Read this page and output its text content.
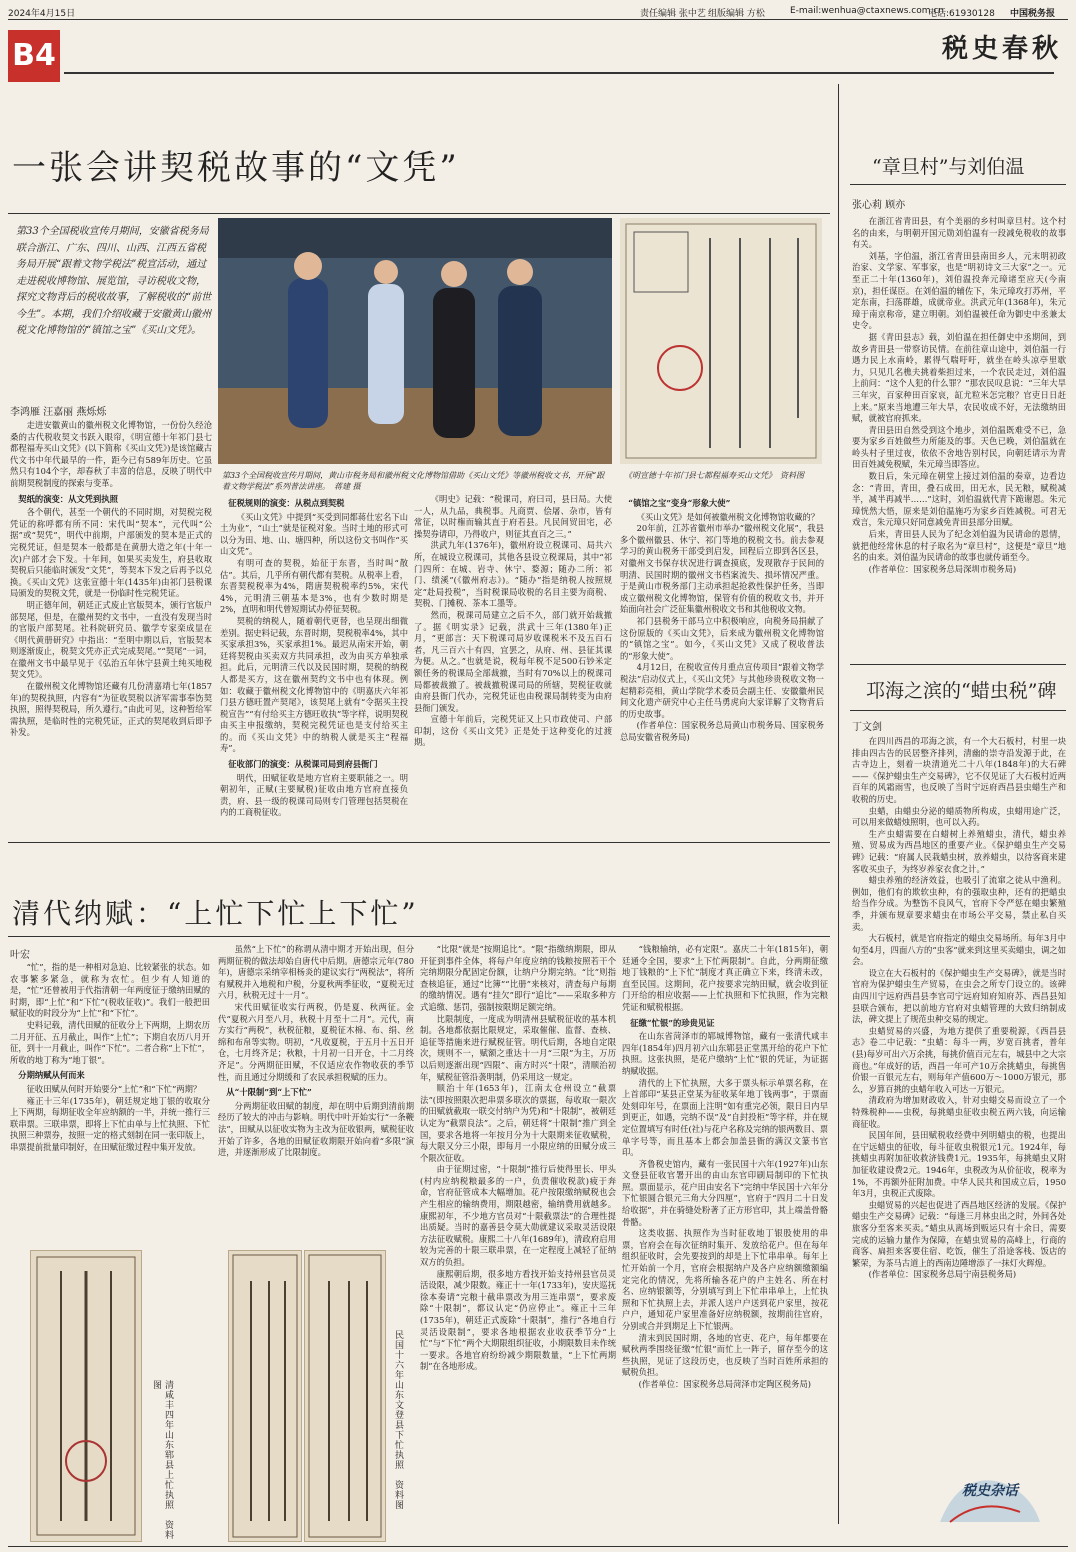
2024年4月15日	责任编辑 张中艺 组版编辑 方松	E-mail:wenhua@ctaxnews.com.cn
电话:61930128 中国税务报
B4	税史春秋
一张会讲契税故事的“文凭”
第33个全国税收宣传月期间，安徽省税务局联合浙江、广东、四川、山西、江西五省税务局开展“跟着文物学税法”税宣活动，通过走进税收博物馆、展览馆，寻访税收文物，探究文物背后的税收故事，了解税收的“前世今生”。本期，我们介绍收藏于安徽黄山徽州税文化博物馆的“镇馆之宝”《买山文凭》。
李鸿雁 汪嘉丽 燕烁烁
第33个全国税收宣传月期间，黄山市税务局和徽州税文化博物馆借助《买山文凭》等徽州税收文书，开展“跟着文物学税法”系列普法讲座。　 蒋建 摄
《明宣德十年祁门县七都程福寿买山文凭》　 资料图

走进安徽黄山的徽州税文化博物馆，一份份久经沧桑的古代税收契文书跃入眼帘，《明宣德十年祁门县七都程福寿买山文凭》(以下简称《买山文凭》)是该馆藏古代文书中年代最早的一件，距今已有589年历史。它虽然只有104个字，却春秋了丰富的信息，反映了明代中前期契税制度的探索与变革。

契纸的演变：从文凭到执照

各个朝代，甚至一个朝代的不同时期，对契税完税凭证的称呼都有所不同：宋代叫“契本”，元代叫“公据”或“契凭”，明代中前期，户部颁发的契本是正式的完税凭证，但是契本一般都是在黄册大造之年(十年一次)户部才会下发。十年间，如果买卖发生，府县收取契税后只能临时颁发“文凭”，等契本下发之后再予以兑换。《买山文凭》这张宣德十年(1435年)由祁门县税课局颁发的契税文凭，就是一份临时性完税凭证。

明正德年间，朝廷正式废止官版契本，颁行官版户部契尾，但是，在徽州契约文书中，一直没有发现当时的官版户部契尾。社科院研究员、徽学专家栾成显在《明代黄册研究》中指出：“至明中期以后，官版契本则逐渐废止，税契文凭亦正式完成契尾。”“契尾”一词，在徽州文书中最早见于《弘治五年休宁县黄土纯买地税契文凭》。

在徽州税文化博物馆还藏有几份清嘉靖七年(1857年)的契税执照，内容有“为征收契税以济军需事奉饬契执照，照得契税局，所久遵行。”由此可见，这种暂给军需执照，是临时性的完税凭证，正式的契尾收到后即予补发。

征税规则的演变：从税点到契税

《买山文凭》中提到“买受到同都蒋仕宏名下山土为业”，“山土”就是征税对象。当时土地的形式可以分为田、地、山、塘四种，所以这份文书叫作“买山文凭”。

有明可查的契税，始征于东晋，当时叫“散估”。其后，几乎所有朝代都有契税。从税率上看，东晋契税税率为4%，隋唐契税税率约5%，宋代4%，元明清三朝基本是3%，也有少数时期是2%，直明和明代曾短期试办停征契税。

契税的纳税人，随着朝代更替，也呈现出细微差别。据史料记载，东晋时期，契税税率4%，其中买家承担3%，买家承担1%。最迟从南宋开始，朝廷将契税由买卖双方共同承担，改为由买方单独承担。此后，元明清三代以及民国时期，契税的纳税人都是买方，这在徽州契约文书中也有体现。例如：收藏于徽州税文化博物馆中的《明嘉庆六年祁门县方德旺置产契尾》，该契尾上就有“令据买主投税宣告”“有付给买主方德旺收执”等字样，说明契税由买主申报缴纳，契税完税凭证也是支付给买主的。而《买山文凭》中的纳税人就是买主“程福寿”。

征收部门的演变：从税课司局到府县衙门

明代，田赋征收是地方官府主要职能之一。明朝初年，正赋(主要赋税)征收由地方官府直接负责，府、县一级的税课司局则专门管理包括契税在内的工商税征收。

《明史》记载：“税课司，府曰司，县曰局。大使一人，从九品，典税事。凡商贾、侩屠、杂市，皆有常征，以时権而输其直于府若县。凡民间贸田宅，必操契券请印，乃得收户，则征其直百之三。”

洪武九年(1376年)，徽州府设立税课司、局共六所，在城设立税课司，其他各县设立税课局，其中“祁门四所：在城、岩寺、休宁、婺源；随办二所：祁门、绩溪”(《徽州府志》)。“随办”指是纳税人按照规定“赴局投税”，当时税课局收税的名目主要为商税、契税、门摊税、茶本工墨等。

然而，税课司局建立之后不久，部门就开始裁撤了。据《明实录》记载，洪武十三年(1380年)正月，“更部言：天下税课司局岁收课税米不及五百石者，凡三百六十有四，宜罢之，从府、州、县征其课为便。从之。”也就是说，税每年税不足500石钞米定额任务的税课局全部裁撤，当时有70%以上的税课司局都被裁撤了。被裁撤税课司局的所辖，契税征收就由府县衙门代办，完税凭证也由税课局制转变为由府县衙门颁发。

宣德十年前后，完税凭证又上只市政使司、户部印制，这份《买山文凭》正是处于这种变化的过渡期。

“镇馆之宝”变身“形象大使”

《买山文凭》是如何被徽州税文化博物馆收藏的？

20年前，江苏省徽州市举办“徽州税文化展”，我县多个徽州徽县、休宁、祁门等地的税税文书。前去参观学习的黄山税务干部受到启发，回程后立即到各区县，对徽州文书保存状况进行调查摸底，发现散存于民间的明清、民国时期的徽州文书档案流失、损坏情况严重。于是黄山市税务部门主动承担起抢救性保护任务，当即成立徽州税文化博物馆，保管有价值的税收文书，并开始面向社会广泛征集徽州税收文书和其他税收文物。

祁门县税务干部马立中积极响应，向税务局捐献了这份原版的《买山文凭》，后来成为徽州税文化博物馆的“镇馆之宝”。如今，《买山文凭》又成了税收普法的“形象大使”。

4月12日，在税收宣传月重点宣传项目“跟着文物学税法”启动仪式上，《买山文凭》与其他珍贵税收文物一起精彩亮相，黄山学院学术委员会副主任、安徽徽州民间文化遗产研究中心主任马勇虎向大家详解了文物背后的历史故事。

(作者单位：国家税务总局黄山市税务局、国家税务总局安徽省税务局)

清代纳赋：“上忙下忙上下忙”
叶宏

“忙”，指的是一种相对急迫、比较紧张的状态。如农事繁多紧急，就称为农忙。但少有人知道的是，“忙”还曾被用于代指清朝一年两度征于缴纳田赋的时期，即“上忙”和“下忙”(税收征收)”。我们一般把田赋征收的时段分为“上忙”和“下忙”。

史料记载，清代田赋的征收分上下两期，上期农历二月开征、五月截止，叫作“上忙”；下期自农历八月开征，到十一月截止，叫作“下忙”。二者合称“上下忙”，所收的地丁称为“地丁银”。

分期纳赋从何而来

征收田赋从何时开始要分“上忙”和“下忙”两期？

雍正十三年(1735年)，朝廷规定地丁银的收取分上下两期，每期征收全年应纳额的一半，并统一推行三联串票。三联串票，即将上下忙由单与上忙执照、下忙执照三种票券，按照一定的格式刻制在同一张印版上，串票提前批量印制好，在田赋征缴过程中集开发放。

虽然“上下忙”的称谓从清中期才开始出现，但分两期征税的做法却始自唐代中后期。唐德宗元年(780年)，唐德宗采纳宰相杨炎的建议实行“两税法”，将所有赋税并入地税和户税，分夏秋两季征收，“夏税无过六月，秋税无过十一月”。

宋代田赋征收实行两税，仍是夏、秋两征。金代“夏税六月至八月，秋税十月至十二月”。元代，南方实行“两税”，秋税征粮，夏税征木棉、布、绢、丝绵和布帛等实物。明初，“凡收夏税，于五月十五日开仓，七月终齐足；秋粮，十月初一日开仓，十二月终齐足”。分两期征田赋，不仅适应农作物收获的季节性，而且通过分期缓和了农民承担税赋的压力。

从“十限制”到“上下忙”

分两期征收田赋的制度，却在明中后期到清前期经历了较大的冲击与影响。明代中叶开始实行“一条鞭法”，田赋从以征收实物为主改为征收银两，赋税征收开始了许多，各地的田赋征收期限开始向着“多限”演进，并逐渐形成了比限制度。

“比限”就是“按期追比”。“限”指缴纳期限，即从开征到事件全体，将每户年度应纳的钱粮按照若干个完纳期限分配固定份额，让纳户分期完纳。“比”则指查核追征，通过“比簿”“比册”来核对，清查每户每期的缴纳情况。遇有“挂欠”即行“追比”——采取多种方式追缴、惩罚，强制按限期足额完纳。

比限制度，一度成为明清州县赋税征收的基本机制。各地都依据比限规定，采取催催、监督、查核、追征等措施来进行赋税征管。明代后期，各地自定限次，规则不一，赋额之重达十一月“三限”为主，万历以后则逐渐出现“四限”、南方时兴“十限”，清顺治初年，赋税征管沿袭明制，仍采用这一规定。

顺治十年(1653年)，江南太仓州设立“截票法”(即按照限次把串票多联次的票据，每收取一限次的田赋就截取一联交付纳户为凭)和“十限制”，被朝廷认定为“截票良法”。之后，朝廷将“十限制”推广到全国，要求各地将一年按月分为十大限期来征收赋税，每大限又分三小限，即每月一小限应纳的田赋分成三个限次征收。

由于征期过密，“十限制”推行后使得里长、甲头(村内应纳税粮最多的一户，负责催收税款)疲于奔命，官府征管成本大幅增加。花户按限缴纳赋税也会产生相应的输纳费用，期限越密，输纳费用就越多。康熙初年，不少地方官员对“十限截票法”的合理性提出质疑。当时的嘉善县令莫大勋就建议采取灵活设限方法征收赋税。康熙二十八年(1689年)，清政府启用较为完善的十限三联串票，在一定程度上减轻了征纳双方的负担。

康熙朝后期，很多地方看找开始支持州县官员灵活设限，减少限数。雍正十一年(1733年)，安庆巡抚徐本奏请“完粮十截串票改为用三连串票”，要求废除“十限制”，都议认定“仍应停止”。雍正十三年(1735年)，朝廷正式废除“十限制”，推行“各地自行灵活设限制”，要求各地根据农业收获季节分“上忙”与“下忙”两个大期限组织征收，小期限数目未作统一要求。各地官府纷纷减少期限数量，“上下忙两期制”在各地形成。

“钱粮输纳，必有定限”。嘉庆二十年(1815年)，朝廷通令全国，要求“上下忙两限制”。自此，分两期征缴地丁钱粮的“上下忙”制度才真正确立下来，终清未改，直至民国。这期间，花户按要求完纳田赋，就会收到征门开给的相应收据——上忙执照和下忙执照，作为完粮凭证和赋税根据。

征缴“忙银”的珍贵见证

在山东省菏泽市的郓城博物馆，藏有一张清代咸丰四年(1854年)四月初六山东郓县正堂黑开给的花户下忙执照。这张执照，是花户缴纳“上忙”银的凭证，为证据纳赋收据。

清代的上下忙执照，大多于票头标示单票名称，在上首部印“某县正堂某为征收某年地丁钱两事”，于票面处刻印年号，在票面上注明“如有重完必领，限日日内早到更正，如遇，完纳不误”及“自封投柜”等字样，并在规定位置填写有时任(社)与花户名称及完纳的银两数目、票单字号等，而且基本上都会加盖县衙的满汉文篆书官印。

齐鲁税史馆内，藏有一张民国十六年(1927年)山东文登县征收官署开出的由山东官印刷局制印的下忙执照。票面显示，花户田由安名下“完纳中华民国十六年分下忙银圆合银元三角大分四厘”，官府于“四月二十日发给收据”，并在骑缝处粉著了正方形官印，其上端盖骨骼骨骼。

这类收据、执照作为当时征收地丁银股使用的串票，官府会在每次征纳时集开、发放给花户。但在每年组织征收时，会先要按到的却是上下忙串串单。每年上忙开始前一个月，官府会根据纳户及各户应纳额缴额编定完化的情况，先将所输各花户的户主姓名、所在村名、应纳银额等，分别填写到上下忙串串单上，上忙执照和下忙执照上去，并派人送户户送到花户家里，按花户户，通知花户家里准备好应纳税额，按期前往官府，分别或合并到期足上下忙银两。

清末到民国时期，各地的官吏、花户，每年都要在赋秋两季围绕征缴“忙银”而忙上一阵子，留存至今的这些执照，见证了这段历史，也反映了当时百姓所承担的赋税负担。

(作者单位：国家税务总局菏泽市定陶区税务局)

清咸丰四年山东郓县上忙执照　资料图	民国十六年山东文登县下忙执照　资料图
“章旦村”与刘伯温
张心莉 顾亦

在浙江省青田县，有个美丽的乡村叫章旦村。这个村名的由来，与明朝开国元勋刘伯温有一段减免税收的故事有关。

刘基，字伯温，浙江省青田县南田乡人，元末明初政治家、文学家、军事家，也是“明初诗文三大家”之一。元至正二十年(1360年)，刘伯温投奔元璋诸至应天(今南京)，担任谋臣。在刘伯温的辅佐下，朱元璋攻打苏州，平定东南，扫荡群雄，成就帝业。洪武元年(1368年)，朱元璋于南京称帝，建立明朝。刘伯温被任命为御史中丞兼太史令。

据《青田县志》载，刘伯温在担任御史中丞期间，到故乡青田县一带察访民情。在前往章山途中，刘伯温一行遇力民上水南岭，累得气喘吁吁，就坐在岭头凉亭里歇力，只见几名樵夫挑着柴担过来，一个农民走过，刘伯温上前问：“这个人犯的什么罪？”那农民叹息说：“三年大旱三年灾，百家种田百家哀，缸尤粒米怎完粮？官吏日日赶上来。”原来当地遭三年大旱，农民收成不好，无法缴纳田赋，就被官府抓来。

青田县田自然受到这个地步，刘伯温既难受不已，急要为家乡百姓做些力所能及的事。天色已晚，刘伯温就在岭头村子里过夜，依依不舍地告别村民，向朝廷请示为青田百姓减免税赋，朱元璋当即答应。

数日后，朱元璋在朝堂上接过刘伯温的奏章，边看边念：“青田，青田，叠石成田，田无水，民无粮，赋税减半，减半再减半……”这时，刘伯温就代青下跪谢恩。朱元璋恍然大悟，原来是刘伯温施巧为家乡百姓减税。可君无戏言，朱元璋只好同意减免青田县部分田赋。

后来，青田县人民为了纪念刘伯温为民请命的恩情，就把他经常休息的村子取名为“章旦村”，这便是“章旦”地名的由来。刘伯温为民请命的故事也就传诵至今。

(作者单位：国家税务总局深圳市税务局)

邛海之滨的“蜡虫税”碑
丁文剑

在四川西昌的邛海之滨，有一个大石板村，村里一块排由四古告的民居整齐排列，清幽的崇寺沿发源于此，在古寺边上，刻着一块清道光二十八年(1848年)的大石碑——《保护蜡虫生产交易碑》，它不仅见证了大石板村近两百年的风霜雨雪，也反映了当时宁远府西昌县虫蜡生产和收税的历史。

虫蜡，由蜡虫分泌的蜡质物所构成，虫蜡用途广泛，可以用来做蜡烛照明，也可以入药。

生产虫蜡需要在白蜡树上养殖蜡虫，清代，蜡虫养殖、贸易成为西昌地区的重要产业。《保护蜡虫生产交易碑》记载：“府属人民栽蜡虫树，放养蜡虫，以待客商来建客收买虫子，为终岁养家衣食之计。”

蜡虫养殖的经济效益，也吸引了流窜之徒从中渔利。例如，他们有的欺软虫种，有的强取虫种，还有的把蜡虫给当作分成。为整饬不良风气，官府下令严惩在蜡虫繁殖季，并颁布规章要求蜡虫在市场公平交易，禁止私自买卖。

大石板村，就是官府指定的蜡虫交易场所。每年3月中旬至4月，四面八方的“虫客”就来到这里买卖蜡虫，调之如会。

设立在大石板村的《保护蜡虫生产交易碑》，就是当时官府为保护蜡虫生产贸易，在虫会之所专门设立的。该碑由四川宁远府西昌县李官司宁远府知府知府苏、西昌县知县联合颁布，把以前地方官府对虫蜡管理的大致归纳制成法，碑文提上了规范虫种交易的规定。

虫蜡贸易的兴盛，为地方提供了重要税源，《西昌县志》卷二中记载：“虫蜡：每斗一两，岁宽百挑者，普年(县)每岁可出六万余挑，每挑价值百元左右，城县中之大宗商也。”年成好的话，西昌一年可产10万余挑蜡虫，每挑售价银一百银元左右，则每年产值600万～1000万银元，那么，岁算百挑的虫蜡年收入可达一万银元。

清政府为增加财政收入，针对虫蜡交易而设立了一个特殊税种——虫税，每挑蜡虫征收虫税五两六钱，向运输商征收。

民国年间，县田赋税收经费中列明蜡虫的税，也提出在宁远蜡虫的征收，每斗征收虫税银元1元。1924年，每挑蜡虫再附加征收救济钱费1元。1935年，每挑蜡虫又附加征收建设费2元。1946年，虫税改为从价征收，税率为1%，不再额外征附加费。中华人民共和国成立后，1950年3月，虫税正式废除。

虫蜡贸易的兴起也促进了西昌地区经济的发展。《保护蜡虫生产交易碑》记载：“每逢三月林虫出之时，外间各处旅客分至客来买卖。”蜡虫从离场到贩运只有十余日，需要完成的运输力量作为保障，在蜡虫贸易的高峰上，行商的商客、扁担来客要住宿、吃饭，催生了沿途客栈、饭店的繁荣，为茶马古道上的西南边陲增添了一抹灯火辉煌。

(作者单位：国家税务总局宁南县税务局)

税史杂话
